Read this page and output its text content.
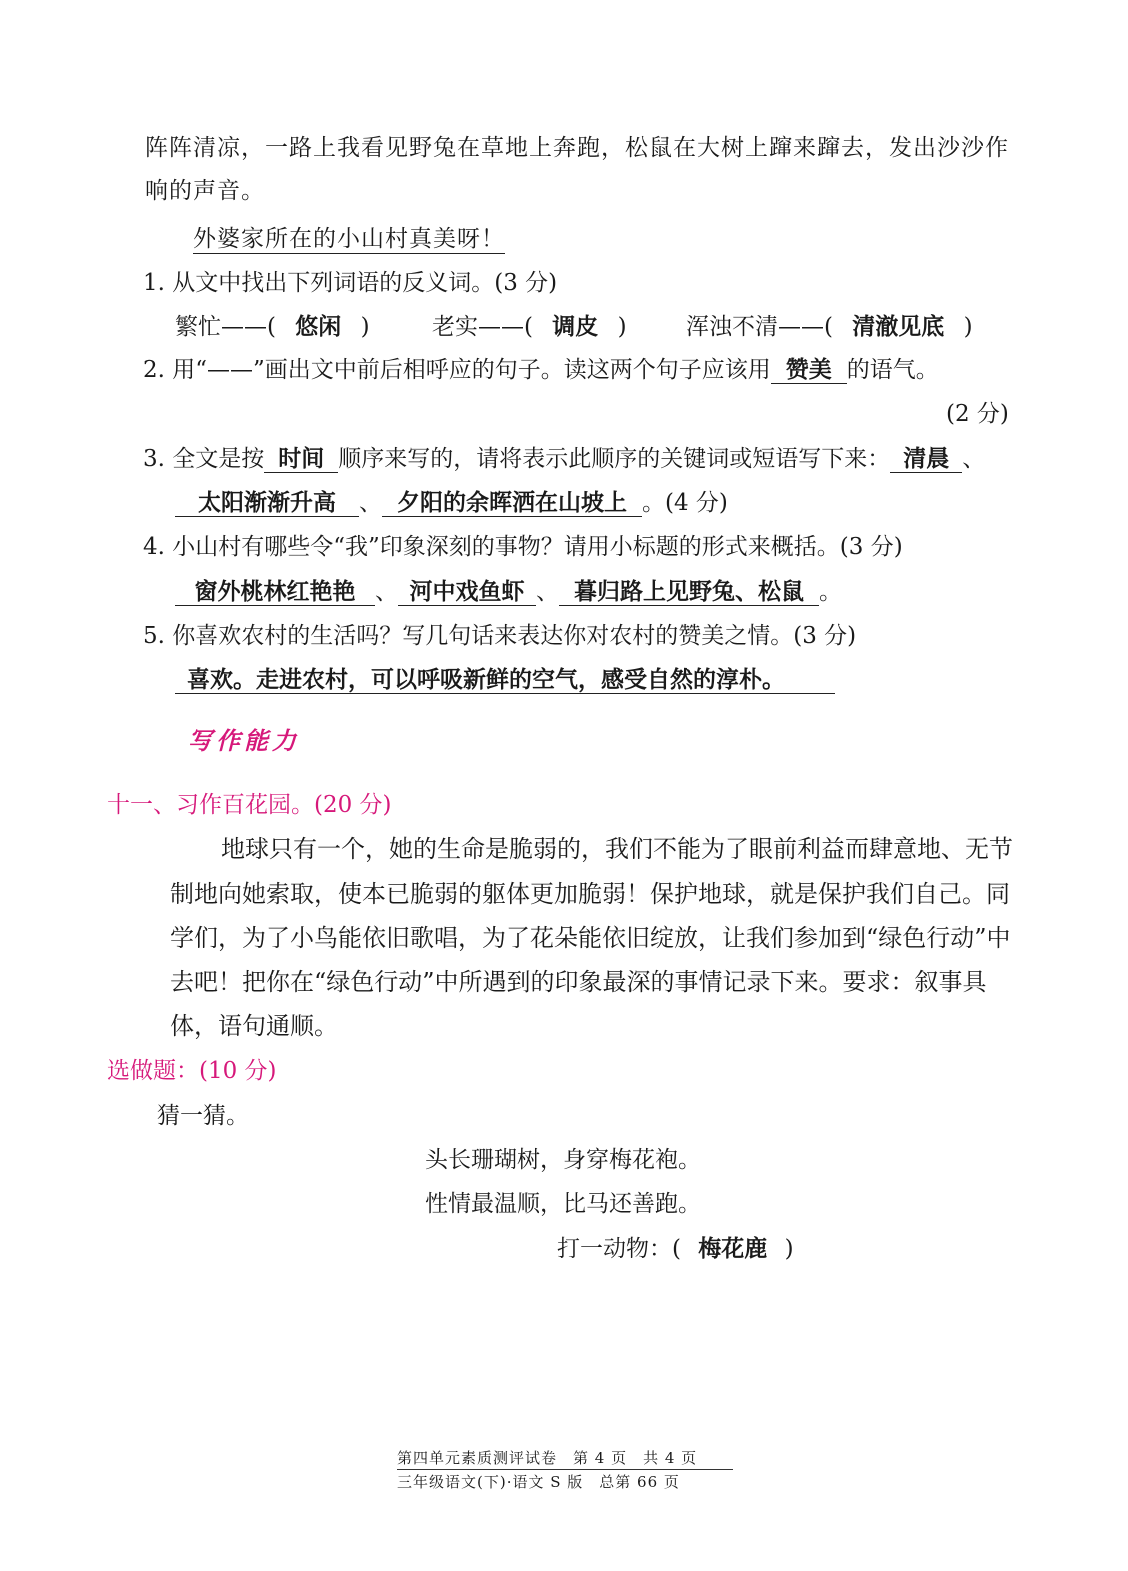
阵阵清凉，一路上我看见野兔在草地上奔跑，松鼠在大树上蹿来蹿去，发出沙沙作
响的声音。
外婆家所在的小山村真美呀！
1. 从文中找出下列词语的反义词。(3 分)
繁忙——( 悠闲 )	老实——( 调皮 )	浑浊不清——( 清澈见底 )
2. 用“——”画出文中前后相呼应的句子。读这两个句子应该用 赞美 的语气。
(2 分)
3. 全文是按 时间 顺序来写的，请将表示此顺序的关键词或短语写下来： 清晨 、
太阳渐渐升高 、 夕阳的余晖洒在山坡上 。(4 分)
4. 小山村有哪些令“我”印象深刻的事物？请用小标题的形式来概括。(3 分)
窗外桃林红艳艳 、 河中戏鱼虾 、 暮归路上见野兔、松鼠 。
5. 你喜欢农村的生活吗？写几句话来表达你对农村的赞美之情。(3 分)
喜欢。走进农村，可以呼吸新鲜的空气，感受自然的淳朴。
写作能力
十一、习作百花园。(20 分)
地球只有一个，她的生命是脆弱的，我们不能为了眼前利益而肆意地、无节
制地向她索取，使本已脆弱的躯体更加脆弱！保护地球，就是保护我们自己。同
学们，为了小鸟能依旧歌唱，为了花朵能依旧绽放，让我们参加到“绿色行动”中
去吧！把你在“绿色行动”中所遇到的印象最深的事情记录下来。要求：叙事具
体，语句通顺。
选做题：(10 分)
猜一猜。
头长珊瑚树，身穿梅花袍。
性情最温顺，比马还善跑。
打一动物：( 梅花鹿 )
第四单元素质测评试卷　第 4 页　共 4 页
三年级语文(下)·语文 S 版　总第 66 页
